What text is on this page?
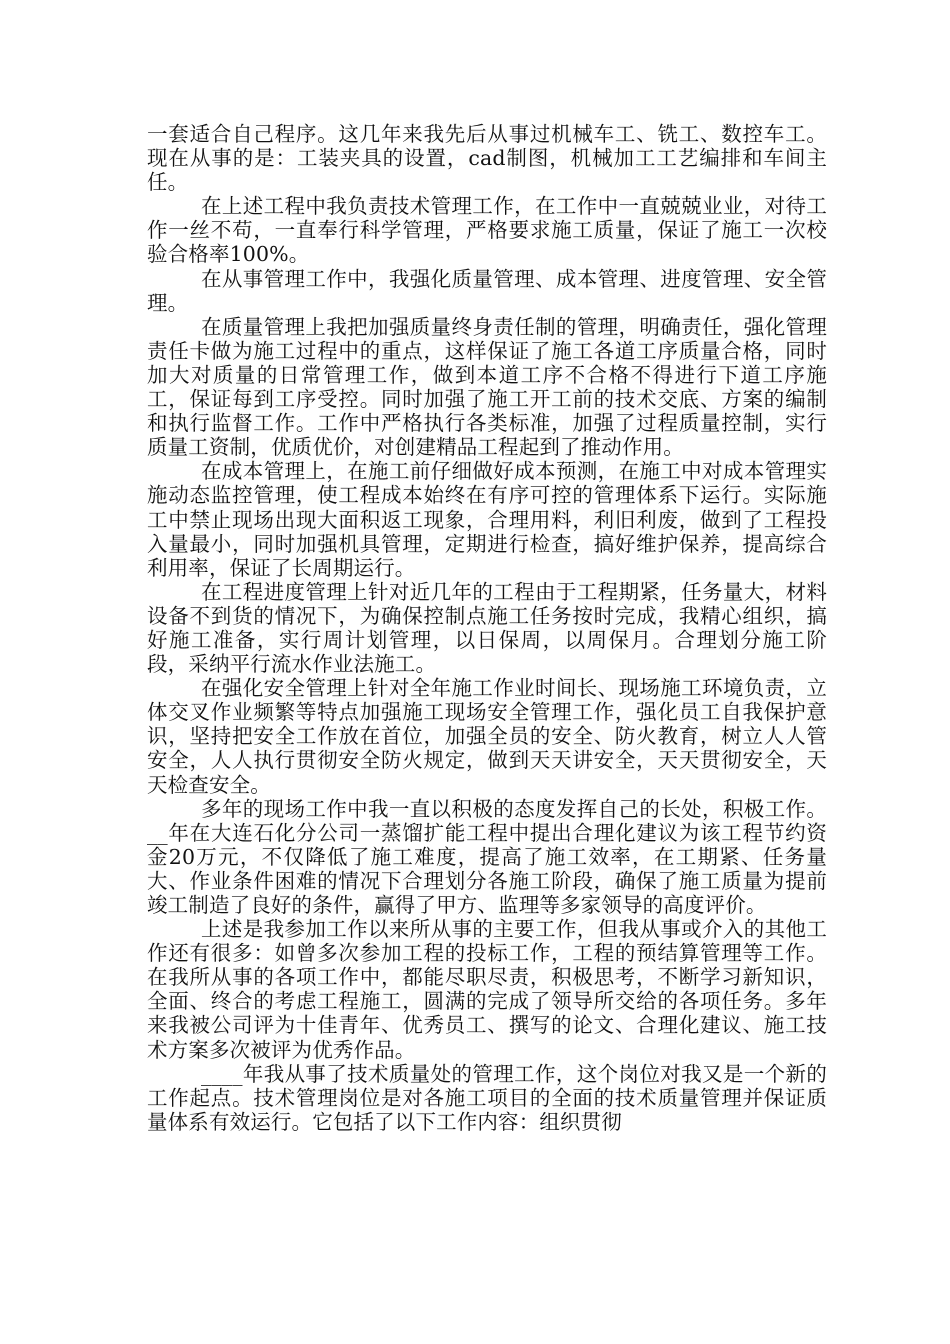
一套适合自己程序。这几年来我先后从事过机械车工、铣工、数控车工。现在从事的是：工装夹具的设置，cad制图，机械加工工艺编排和车间主任。

在上述工程中我负责技术管理工作，在工作中一直兢兢业业，对待工作一丝不苟，一直奉行科学管理，严格要求施工质量，保证了施工一次校验合格率100%。

在从事管理工作中，我强化质量管理、成本管理、进度管理、安全管理。

在质量管理上我把加强质量终身责任制的管理，明确责任，强化管理责任卡做为施工过程中的重点，这样保证了施工各道工序质量合格，同时加大对质量的日常管理工作，做到本道工序不合格不得进行下道工序施工，保证每到工序受控。同时加强了施工开工前的技术交底、方案的编制和执行监督工作。工作中严格执行各类标准，加强了过程质量控制，实行质量工资制，优质优价，对创建精品工程起到了推动作用。

在成本管理上，在施工前仔细做好成本预测，在施工中对成本管理实施动态监控管理，使工程成本始终在有序可控的管理体系下运行。实际施工中禁止现场出现大面积返工现象，合理用料，利旧利废，做到了工程投入量最小，同时加强机具管理，定期进行检查，搞好维护保养，提高综合利用率，保证了长周期运行。

在工程进度管理上针对近几年的工程由于工程期紧，任务量大，材料设备不到货的情况下，为确保控制点施工任务按时完成，我精心组织，搞好施工准备，实行周计划管理，以日保周，以周保月。合理划分施工阶段，采纳平行流水作业法施工。

在强化安全管理上针对全年施工作业时间长、现场施工环境负责，立体交叉作业频繁等特点加强施工现场安全管理工作，强化员工自我保护意识，坚持把安全工作放在首位，加强全员的安全、防火教育，树立人人管安全，人人执行贯彻安全防火规定，做到天天讲安全，天天贯彻安全，天天检查安全。

多年的现场工作中我一直以积极的态度发挥自己的长处，积极工作。__年在大连石化分公司一蒸馏扩能工程中提出合理化建议为该工程节约资金20万元，不仅降低了施工难度，提高了施工效率，在工期紧、任务量大、作业条件困难的情况下合理划分各施工阶段，确保了施工质量为提前竣工制造了良好的条件，赢得了甲方、监理等多家领导的高度评价。

上述是我参加工作以来所从事的主要工作，但我从事或介入的其他工作还有很多：如曾多次参加工程的投标工作，工程的预结算管理等工作。在我所从事的各项工作中，都能尽职尽责，积极思考，不断学习新知识，全面、终合的考虑工程施工，圆满的完成了领导所交给的各项任务。多年来我被公司评为十佳青年、优秀员工、撰写的论文、合理化建议、施工技术方案多次被评为优秀作品。

____年我从事了技术质量处的管理工作，这个岗位对我又是一个新的工作起点。技术管理岗位是对各施工项目的全面的技术质量管理并保证质量体系有效运行。它包括了以下工作内容：组织贯彻
